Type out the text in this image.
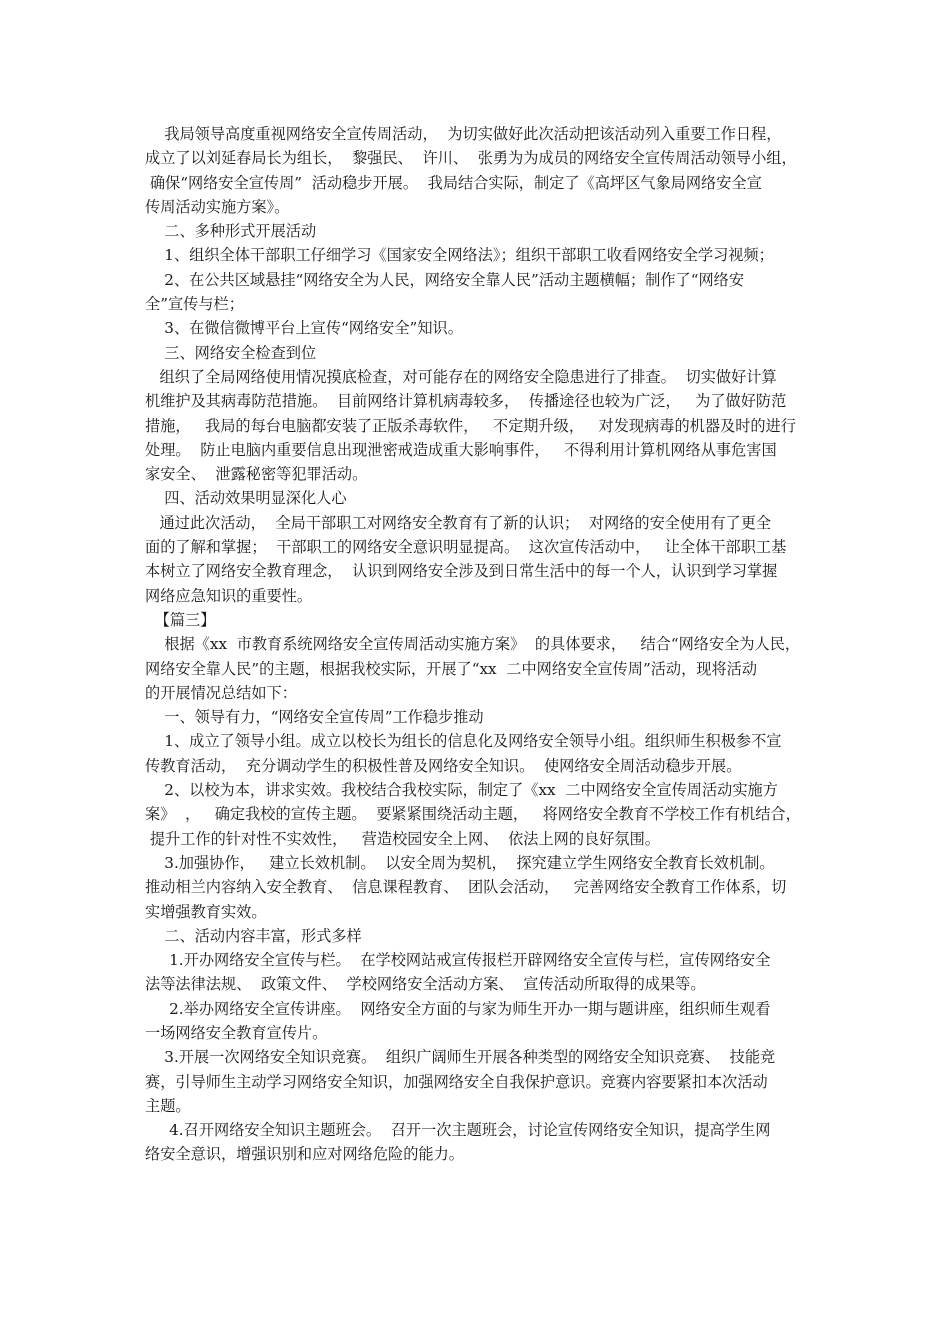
我局领导高度重视网络安全宣传周活动，  为切实做好此次活动把该活动列入重要工作日程，

成立了以刘延春局长为组长，  黎强民、  许川、  张勇为为成员的网络安全宣传周活动领导小组，

确保“网络安全宣传周”  活动稳步开展。  我局结合实际，制定了《高坪区气象局网络安全宣

传周活动实施方案》。

二、多种形式开展活动

1、组织全体干部职工仔细学习《国家安全网络法》；组织干部职工收看网络安全学习视频；

2、在公共区域悬挂“网络安全为人民，网络安全靠人民”活动主题横幅；制作了“网络安

全”宣传与栏；

3、在微信微博平台上宣传“网络安全”知识。

三、网络安全检查到位

组织了全局网络使用情况摸底检查，对可能存在的网络安全隐患进行了排查。  切实做好计算

机维护及其病毒防范措施。  目前网络计算机病毒较多，  传播途径也较为广泛，   为了做好防范

措施，   我局的每台电脑都安装了正版杀毒软件，   不定期升级，   对发现病毒的机器及时的进行

处理。  防止电脑内重要信息出现泄密戒造成重大影响事件，   不得利用计算机网络从事危害国

家安全、  泄露秘密等犯罪活动。

四、活动效果明显深化人心

通过此次活动，  全局干部职工对网络安全教育有了新的认识；  对网络的安全使用有了更全

面的了解和掌握；  干部职工的网络安全意识明显提高。  这次宣传活动中，   让全体干部职工基

本树立了网络安全教育理念，  认识到网络安全涉及到日常生活中的每一个人，认识到学习掌握

网络应急知识的重要性。

【篇三】

根据《xx  市教育系统网络安全宣传周活动实施方案》  的具体要求，   结合“网络安全为人民，

网络安全靠人民”的主题，根据我校实际，开展了“xx  二中网络安全宣传周”活动，现将活动

的开展情况总结如下：

一、领导有力，“网络安全宣传周”工作稳步推动

1、成立了领导小组。成立以校长为组长的信息化及网络安全领导小组。组织师生积极参不宣

传教育活动，  充分调动学生的积极性普及网络安全知识。  使网络安全周活动稳步开展。

2、以校为本，讲求实效。我校结合我校实际，制定了《xx  二中网络安全宣传周活动实施方

案》  ，   确定我校的宣传主题。  要紧紧围绕活动主题，   将网络安全教育不学校工作有机结合，

提升工作的针对性不实效性，   营造校园安全上网、  依法上网的良好氛围。

3.加强协作，   建立长效机制。  以安全周为契机，  探究建立学生网络安全教育长效机制。

推动相兰内容纳入安全教育、  信息课程教育、  团队会活动，   完善网络安全教育工作体系，切

实增强教育实效。

二、活动内容丰富，形式多样

1.开办网络安全宣传与栏。  在学校网站戒宣传报栏开辟网络安全宣传与栏，宣传网络安全

法等法律法规、  政策文件、  学校网络安全活动方案、  宣传活动所取得的成果等。

2.举办网络安全宣传讲座。  网络安全方面的与家为师生开办一期与题讲座，组织师生观看

一场网络安全教育宣传片。

3.开展一次网络安全知识竞赛。  组织广阔师生开展各种类型的网络安全知识竞赛、  技能竞

赛，引导师生主动学习网络安全知识，加强网络安全自我保护意识。竞赛内容要紧扣本次活动

主题。

4.召开网络安全知识主题班会。  召开一次主题班会，讨论宣传网络安全知识，提高学生网

络安全意识，增强识别和应对网络危险的能力。
